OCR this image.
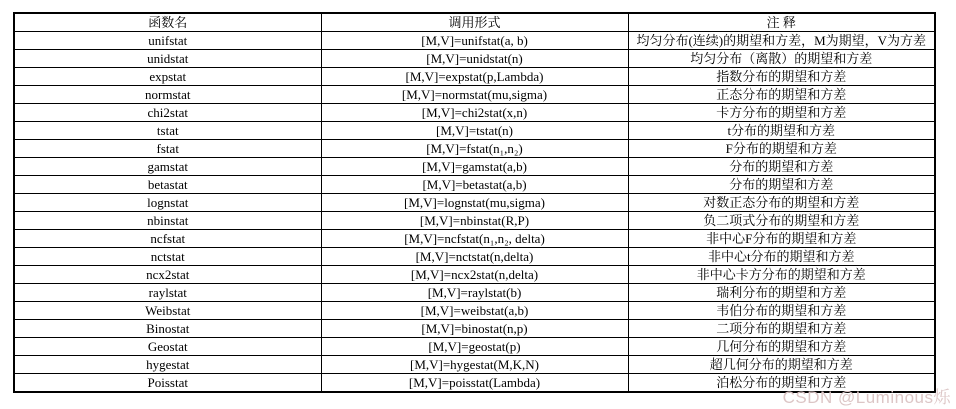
函数名	调用形式	注 释
unifstat	[M,V]=unifstat(a, b)	均匀分布(连续)的期望和方差，M为期望，V为方差
unidstat	[M,V]=unidstat(n)	均匀分布（离散）的期望和方差
expstat	[M,V]=expstat(p,Lambda)	指数分布的期望和方差
normstat	[M,V]=normstat(mu,sigma)	正态分布的期望和方差
chi2stat	[M,V]=chi2stat(x,n)	卡方分布的期望和方差
tstat	[M,V]=tstat(n)	t分布的期望和方差
fstat	[M,V]=fstat(n₁,n₂)	F分布的期望和方差
gamstat	[M,V]=gamstat(a,b)	分布的期望和方差
betastat	[M,V]=betastat(a,b)	分布的期望和方差
lognstat	[M,V]=lognstat(mu,sigma)	对数正态分布的期望和方差
nbinstat	[M,V]=nbinstat(R,P)	负二项式分布的期望和方差
ncfstat	[M,V]=ncfstat(n₁,n₂, delta)	非中心F分布的期望和方差
nctstat	[M,V]=nctstat(n,delta)	非中心t分布的期望和方差
ncx2stat	[M,V]=ncx2stat(n,delta)	非中心卡方分布的期望和方差
raylstat	[M,V]=raylstat(b)	瑞利分布的期望和方差
Weibstat	[M,V]=weibstat(a,b)	韦伯分布的期望和方差
Binostat	[M,V]=binostat(n,p)	二项分布的期望和方差
Geostat	[M,V]=geostat(p)	几何分布的期望和方差
hygestat	[M,V]=hygestat(M,K,N)	超几何分布的期望和方差
Poisstat	[M,V]=poisstat(Lambda)	泊松分布的期望和方差
CSDN @Luminous烁
